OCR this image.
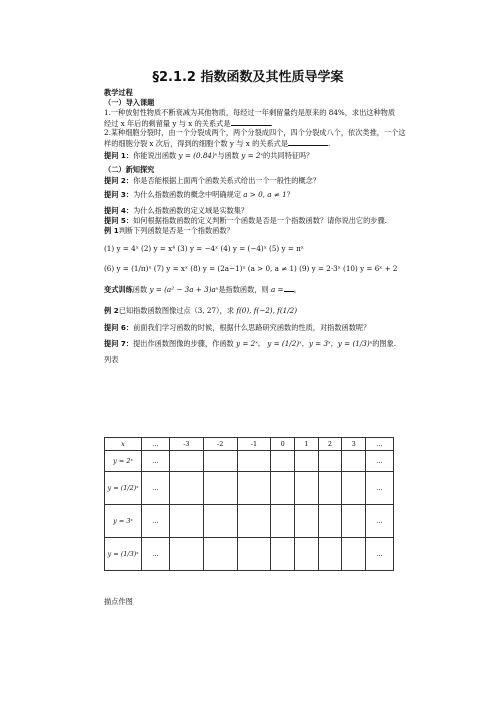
§2.1.2 指数函数及其性质导学案
教学过程
（一）导入课题
1.一种放射性物质不断衰减为其他物质，每经过一年剩留量约是原来的 84%，求出这种物质
经过 x 年后的剩留量 y 与 x 的关系式是	.
2.某种细胞分裂时，由一个分裂成两个，两个分裂成四个，四个分裂成八个，依次类推，一个这
样的细胞分裂 x 次后，得到的细胞个数 y 与 x 的关系式是	.
提问 1：你能说出函数 y = (0.84)ˣ与函数 y = 2ˣ的共同特征吗？
（二）新知探究
提问 2：你是否能根据上面两个函数关系式给出一个一般性的概念？
提问 3：为什么指数函数的概念中明确规定 a > 0, a ≠ 1？
提问 4：为什么指数函数的定义域是实数集？
提问 5：如何根据指数函数的定义判断一个函数是否是一个指数函数？请你说出它的步骤.
例 1判断下列函数是否是一个指数函数？
(1) y = 4ˣ (2) y = x⁴ (3) y = −4ˣ (4) y = (−4)ˣ (5) y = πˣ
(6) y = (1/π)ˣ (7) y = xˣ (8) y = (2a−1)ˣ (a > 0, a ≠ 1) (9) y = 2·3ˣ (10) y = 6ˣ + 2
变式训练函数 y = (a² − 3a + 3)aˣ是指数函数，则 a = 。
例 2已知指数函数图像过点（3, 27），求 f(0), f(−2), f(1/2)
提问 6：前面我们学习函数的时候，根据什么思路研究函数的性质，对指数函数呢？
提问 7：提出作函数图像的步骤，作函数 y = 2ˣ， y = (1/2)ˣ，y = 3ˣ，y = (1/3)ˣ的图象.
列表
x	…	-3	-2	-1	0	1	2	3	…
y = 2ˣ	…								…
y = (1/2)ˣ	…								…
y = 3ˣ	…								…
y = (1/3)ˣ	…								…
描点作图
